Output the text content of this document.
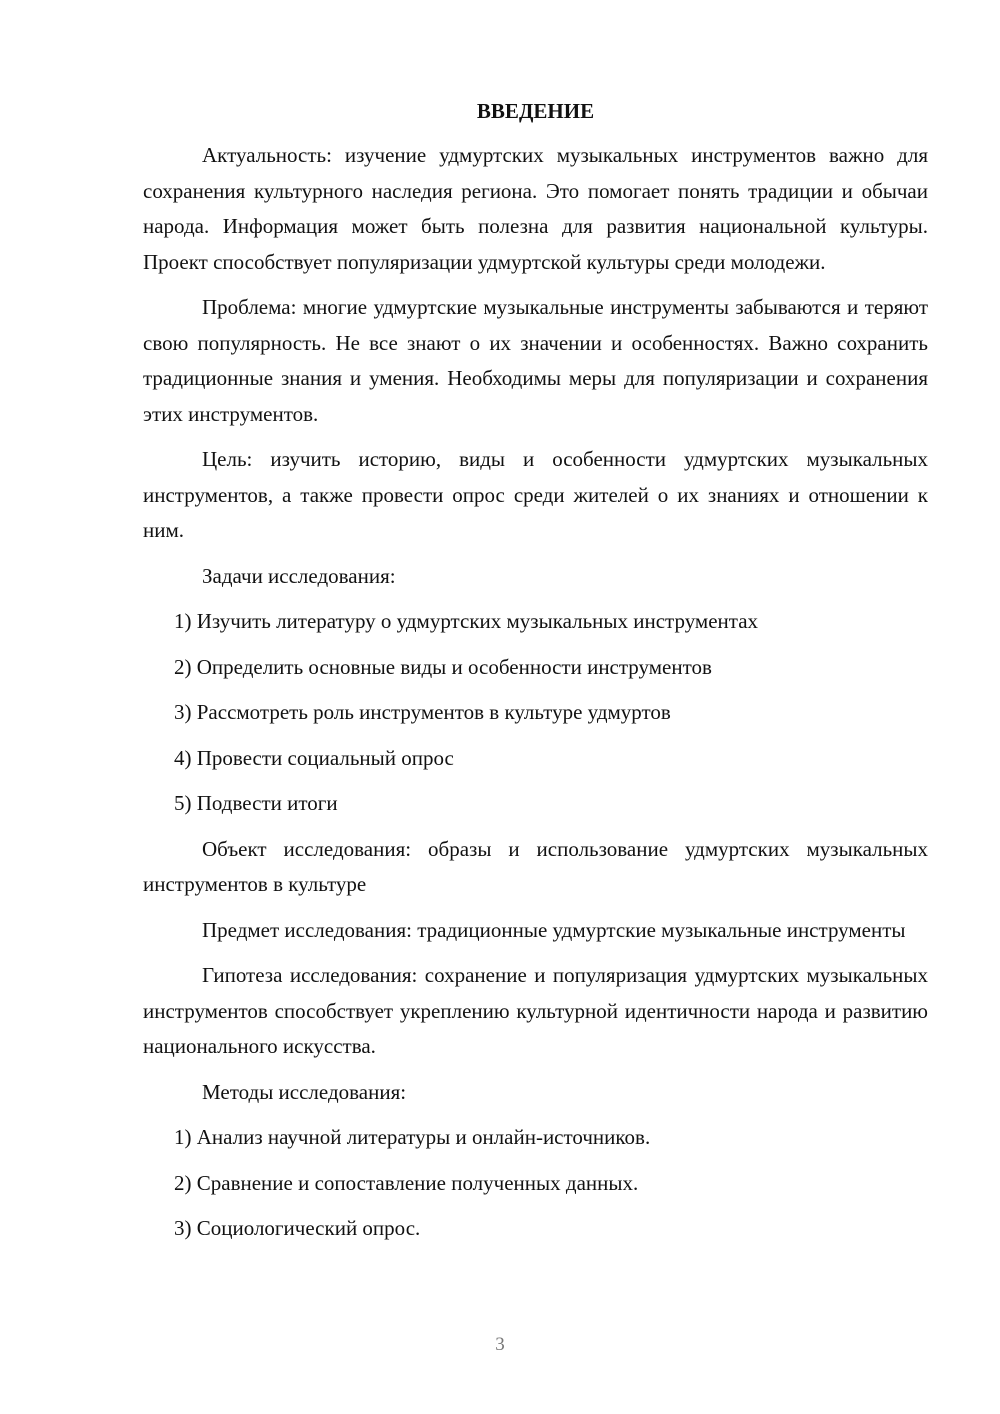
ВВЕДЕНИЕ

Актуальность: изучение удмуртских музыкальных инструментов важно для сохранения культурного наследия региона. Это помогает понять традиции и обычаи народа. Информация может быть полезна для развития национальной культуры. Проект способствует популяризации удмуртской культуры среди молодежи.

Проблема: многие удмуртские музыкальные инструменты забываются и теряют свою популярность. Не все знают о их значении и особенностях. Важно сохранить традиционные знания и умения. Необходимы меры для популяризации и сохранения этих инструментов.

Цель: изучить историю, виды и особенности удмуртских музыкальных инструментов, а также провести опрос среди жителей о их знаниях и отношении к ним.

Задачи исследования:

1) Изучить литературу о удмуртских музыкальных инструментах
2) Определить основные виды и особенности инструментов
3) Рассмотреть роль инструментов в культуре удмуртов
4) Провести социальный опрос
5) Подвести итоги

Объект исследования: образы и использование удмуртских музыкальных инструментов в культуре

Предмет исследования: традиционные удмуртские музыкальные инструменты

Гипотеза исследования: сохранение и популяризация удмуртских музыкальных инструментов способствует укреплению культурной идентичности народа и развитию национального искусства.

Методы исследования:

1) Анализ научной литературы и онлайн-источников.
2) Сравнение и сопоставление полученных данных.
3) Социологический опрос.
3
